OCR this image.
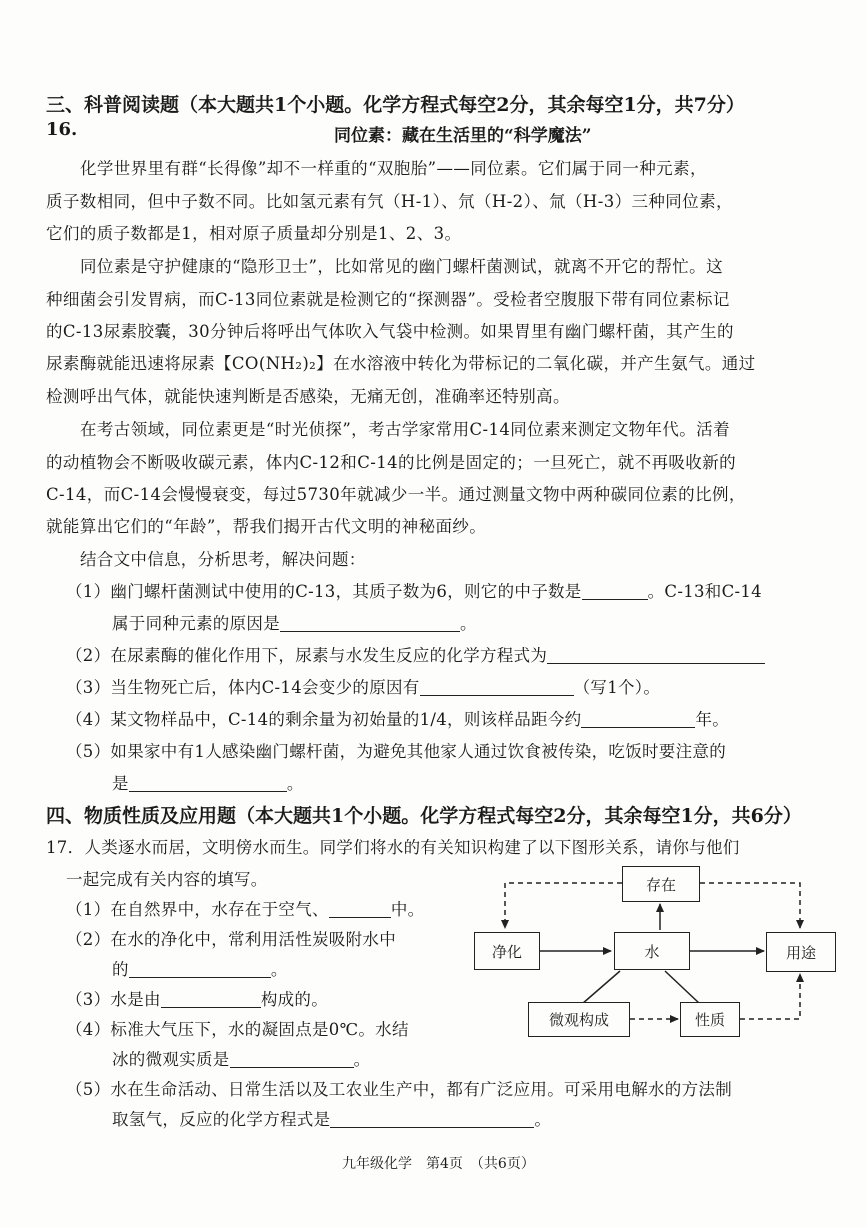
三、科普阅读题（本大题共1个小题。化学方程式每空2分，其余每空1分，共7分）
16.	同位素：藏在生活里的“科学魔法”
化学世界里有群“长得像”却不一样重的“双胞胎”——同位素。它们属于同一种元素，
质子数相同，但中子数不同。比如氢元素有氕（H-1）、氘（H-2）、氚（H-3）三种同位素，
它们的质子数都是1，相对原子质量却分别是1、2、3。
同位素是守护健康的“隐形卫士”，比如常见的幽门螺杆菌测试，就离不开它的帮忙。这
种细菌会引发胃病，而C-13同位素就是检测它的“探测器”。受检者空腹服下带有同位素标记
的C-13尿素胶囊，30分钟后将呼出气体吹入气袋中检测。如果胃里有幽门螺杆菌，其产生的
尿素酶就能迅速将尿素【CO(NH₂)₂】在水溶液中转化为带标记的二氧化碳，并产生氨气。通过
检测呼出气体，就能快速判断是否感染，无痛无创，准确率还特别高。
在考古领域，同位素更是“时光侦探”，考古学家常用C-14同位素来测定文物年代。活着
的动植物会不断吸收碳元素，体内C-12和C-14的比例是固定的；一旦死亡，就不再吸收新的
C-14，而C-14会慢慢衰变，每过5730年就减少一半。通过测量文物中两种碳同位素的比例，
就能算出它们的“年龄”，帮我们揭开古代文明的神秘面纱。
结合文中信息，分析思考，解决问题：
（1）幽门螺杆菌测试中使用的C-13，其质子数为6，则它的中子数是	。C-13和C-14
属于同种元素的原因是	。
（2）在尿素酶的催化作用下，尿素与水发生反应的化学方程式为
（3）当生物死亡后，体内C-14会变少的原因有	（写1个）。
（4）某文物样品中，C-14的剩余量为初始量的1/4，则该样品距今约	年。
（5）如果家中有1人感染幽门螺杆菌，为避免其他家人通过饮食被传染，吃饭时要注意的
是	。
四、物质性质及应用题（本大题共1个小题。化学方程式每空2分，其余每空1分，共6分）
17．人类逐水而居，文明傍水而生。同学们将水的有关知识构建了以下图形关系，请你与他们
一起完成有关内容的填写。
（1）在自然界中，水存在于空气、	中。
（2）在水的净化中，常利用活性炭吸附水中
的	。
（3）水是由	构成的。
（4）标准大气压下，水的凝固点是0℃。水结
冰的微观实质是	。
（5）水在生命活动、日常生活以及工农业生产中，都有广泛应用。可采用电解水的方法制
取氢气，反应的化学方程式是	。
存在
净化	水	用途
微观构成	性质
九年级化学　第4页　（共6页）
